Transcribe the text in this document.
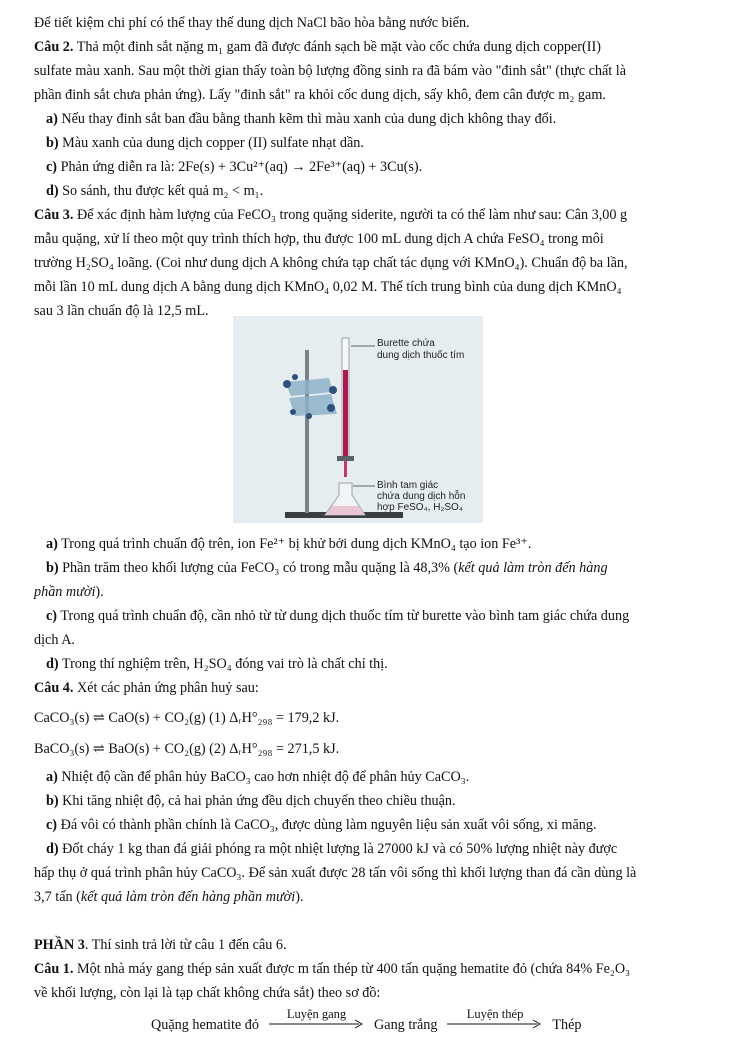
Để tiết kiệm chi phí có thể thay thế dung dịch NaCl bão hòa bằng nước biển.
Câu 2. Thả một đinh sắt nặng m₁ gam đã được đánh sạch bề mặt vào cốc chứa dung dịch copper(II)
sulfate màu xanh. Sau một thời gian thấy toàn bộ lượng đồng sinh ra đã bám vào "đinh sắt" (thực chất là
phần đinh sắt chưa phản ứng). Lấy "đinh sắt" ra khỏi cốc dung dịch, sấy khô, đem cân được m₂ gam.
a) Nếu thay đinh sắt ban đầu bằng thanh kẽm thì màu xanh của dung dịch không thay đổi.
b) Màu xanh của dung dịch copper (II) sulfate nhạt dần.
c) Phản ứng diễn ra là: 2Fe(s) + 3Cu²⁺(aq) → 2Fe³⁺(aq) + 3Cu(s).
d) So sánh, thu được kết quả m₂ < m₁.
Câu 3. Để xác định hàm lượng của FeCO₃ trong quặng siderite, người ta có thể làm như sau: Cân 3,00 g
mẫu quặng, xử lí theo một quy trình thích hợp, thu được 100 mL dung dịch A chứa FeSO₄ trong môi
trường H₂SO₄ loãng. (Coi như dung dịch A không chứa tạp chất tác dụng với KMnO₄). Chuẩn độ ba lần,
mỗi lần 10 mL dung dịch A bằng dung dịch KMnO₄ 0,02 M. Thể tích trung bình của dung dịch KMnO₄
sau 3 lần chuẩn độ là 12,5 mL.
Burette chứa
dung dịch thuốc tím
Bình tam giác
chứa dung dịch hỗn
hợp FeSO₄, H₂SO₄
a) Trong quá trình chuẩn độ trên, ion Fe²⁺ bị khử bởi dung dịch KMnO₄ tạo ion Fe³⁺.
b) Phần trăm theo khối lượng của FeCO₃ có trong mẫu quặng là 48,3% (kết quả làm tròn đến hàng
phần mười).
c) Trong quá trình chuẩn độ, cần nhỏ từ từ dung dịch thuốc tím từ burette vào bình tam giác chứa dung
dịch A.
d) Trong thí nghiệm trên, H₂SO₄ đóng vai trò là chất chỉ thị.
Câu 4. Xét các phản ứng phân huỷ sau:
CaCO₃(s) ⇌ CaO(s) + CO₂(g) (1) ΔᵣH°₂₉₈ = 179,2 kJ.
BaCO₃(s) ⇌ BaO(s) + CO₂(g) (2) ΔᵣH°₂₉₈ = 271,5 kJ.
a) Nhiệt độ cần để phân hủy BaCO₃ cao hơn nhiệt độ để phân hủy CaCO₃.
b) Khi tăng nhiệt độ, cả hai phản ứng đều dịch chuyển theo chiều thuận.
c) Đá vôi có thành phần chính là CaCO₃, được dùng làm nguyên liệu sản xuất vôi sống, xi măng.
d) Đốt cháy 1 kg than đá giải phóng ra một nhiệt lượng là 27000 kJ và có 50% lượng nhiệt này được
hấp thụ ở quá trình phân hủy CaCO₃. Để sản xuất được 28 tấn vôi sống thì khối lượng than đá cần dùng là
3,7 tấn (kết quả làm tròn đến hàng phần mười).
PHẦN 3. Thí sinh trả lời từ câu 1 đến câu 6.
Câu 1. Một nhà máy gang thép sản xuất được m tấn thép từ 400 tấn quặng hematite đỏ (chứa 84% Fe₂O₃
về khối lượng, còn lại là tạp chất không chứa sắt) theo sơ đồ:
Quặng hematite đỏ
Luyện gang
Gang trắng
Luyện thép
Thép
